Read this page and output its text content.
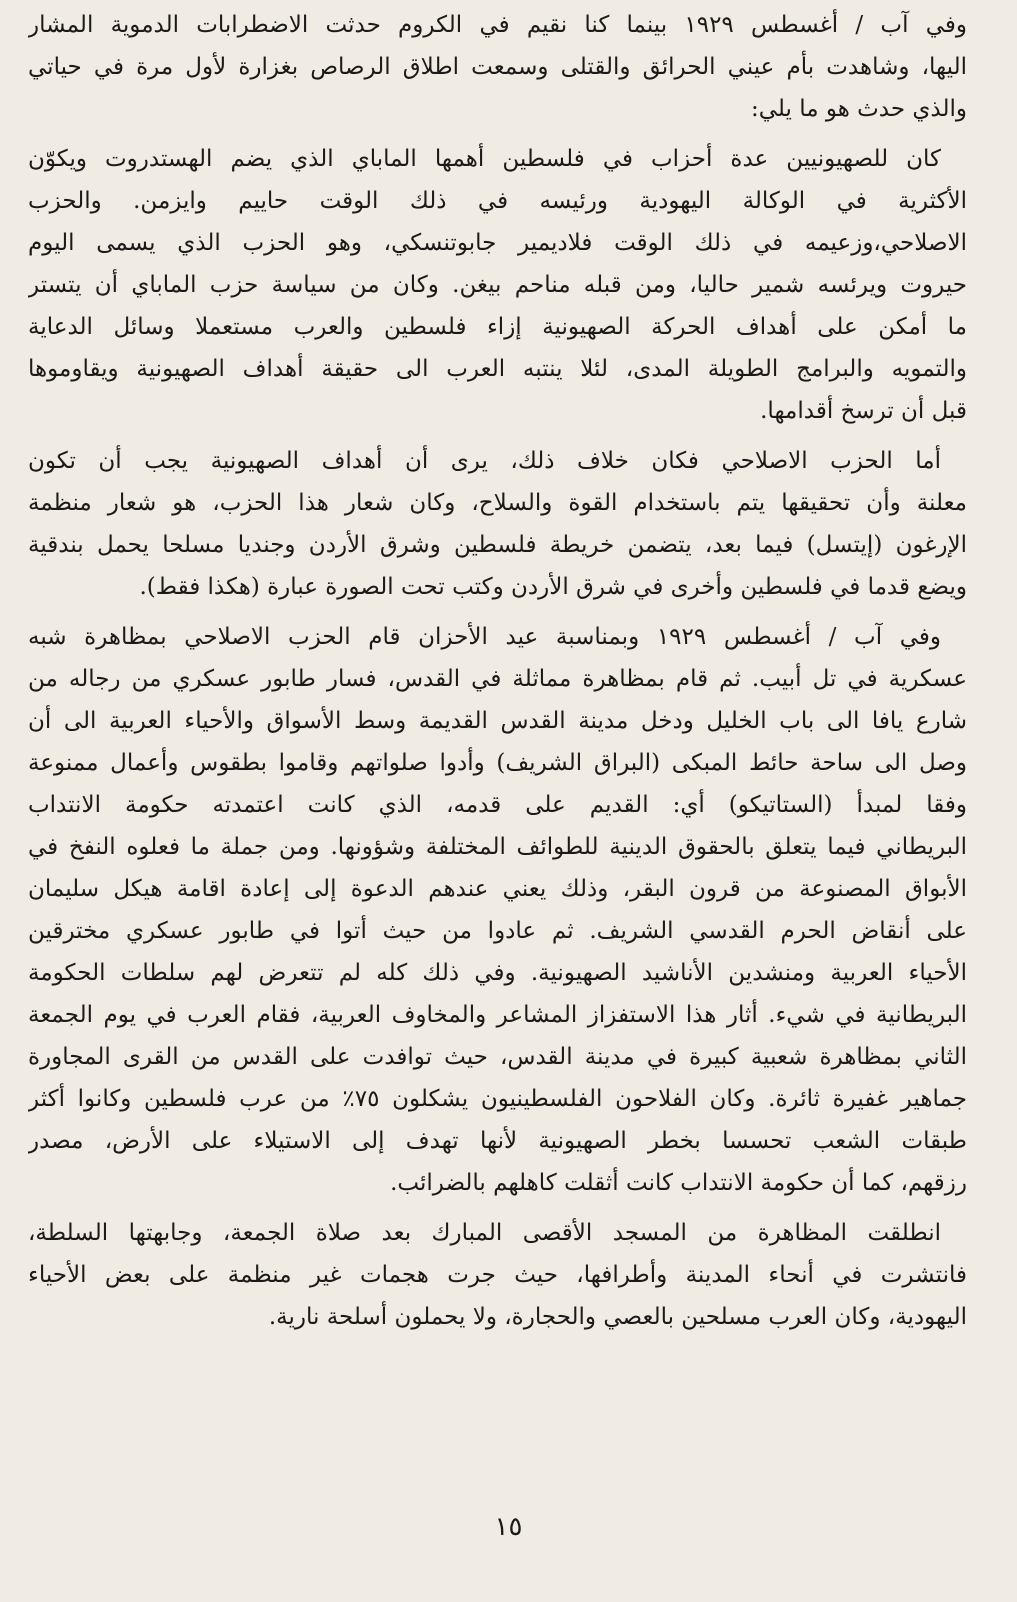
وفي آب / أغسطس ١٩٢٩ بينما كنا نقيم في الكروم حدثت الاضطرابات الدموية المشار
اليها، وشاهدت بأم عيني الحرائق والقتلى وسمعت اطلاق الرصاص بغزارة لأول مرة في حياتي
والذي حدث هو ما يلي:
كان للصهيونيين عدة أحزاب في فلسطين أهمها الماباي الذي يضم الهستدروت ويكوّن
الأكثرية في الوكالة اليهودية ورئيسه في ذلك الوقت حاييم وايزمن. والحزب
الاصلاحي،وزعيمه في ذلك الوقت فلاديمير جابوتنسكي، وهو الحزب الذي يسمى اليوم
حيروت ويرئسه شمير حاليا، ومن قبله مناحم بيغن. وكان من سياسة حزب الماباي أن يتستر
ما أمكن على أهداف الحركة الصهيونية إزاء فلسطين والعرب مستعملا وسائل الدعاية
والتمويه والبرامج الطويلة المدى، لئلا ينتبه العرب الى حقيقة أهداف الصهيونية ويقاوموها
قبل أن ترسخ أقدامها.
أما الحزب الاصلاحي فكان خلاف ذلك، يرى أن أهداف الصهيونية يجب أن تكون
معلنة وأن تحقيقها يتم باستخدام القوة والسلاح، وكان شعار هذا الحزب، هو شعار منظمة
الإرغون (إيتسل) فيما بعد، يتضمن خريطة فلسطين وشرق الأردن وجنديا مسلحا يحمل بندقية
ويضع قدما في فلسطين وأخرى في شرق الأردن وكتب تحت الصورة عبارة (هكذا فقط).
وفي آب / أغسطس ١٩٢٩ وبمناسبة عيد الأحزان قام الحزب الاصلاحي بمظاهرة شبه
عسكرية في تل أبيب. ثم قام بمظاهرة مماثلة في القدس، فسار طابور عسكري من رجاله من
شارع يافا الى باب الخليل ودخل مدينة القدس القديمة وسط الأسواق والأحياء العربية الى أن
وصل الى ساحة حائط المبكى (البراق الشريف) وأدوا صلواتهم وقاموا بطقوس وأعمال ممنوعة
وفقا لمبدأ (الستاتيكو) أي: القديم على قدمه، الذي كانت اعتمدته حكومة الانتداب
البريطاني فيما يتعلق بالحقوق الدينية للطوائف المختلفة وشؤونها. ومن جملة ما فعلوه النفخ في
الأبواق المصنوعة من قرون البقر، وذلك يعني عندهم الدعوة إلى إعادة اقامة هيكل سليمان
على أنقاض الحرم القدسي الشريف. ثم عادوا من حيث أتوا في طابور عسكري مخترقين
الأحياء العربية ومنشدين الأناشيد الصهيونية. وفي ذلك كله لم تتعرض لهم سلطات الحكومة
البريطانية في شيء. أثار هذا الاستفزاز المشاعر والمخاوف العربية، فقام العرب في يوم الجمعة
الثاني بمظاهرة شعبية كبيرة في مدينة القدس، حيث توافدت على القدس من القرى المجاورة
جماهير غفيرة ثائرة. وكان الفلاحون الفلسطينيون يشكلون ٧٥٪ من عرب فلسطين وكانوا أكثر
طبقات الشعب تحسسا بخطر الصهيونية لأنها تهدف إلى الاستيلاء على الأرض، مصدر
رزقهم، كما أن حكومة الانتداب كانت أثقلت كاهلهم بالضرائب.
انطلقت المظاهرة من المسجد الأقصى المبارك بعد صلاة الجمعة، وجابهتها السلطة،
فانتشرت في أنحاء المدينة وأطرافها، حيث جرت هجمات غير منظمة على بعض الأحياء
اليهودية، وكان العرب مسلحين بالعصي والحجارة، ولا يحملون أسلحة نارية.
١٥
